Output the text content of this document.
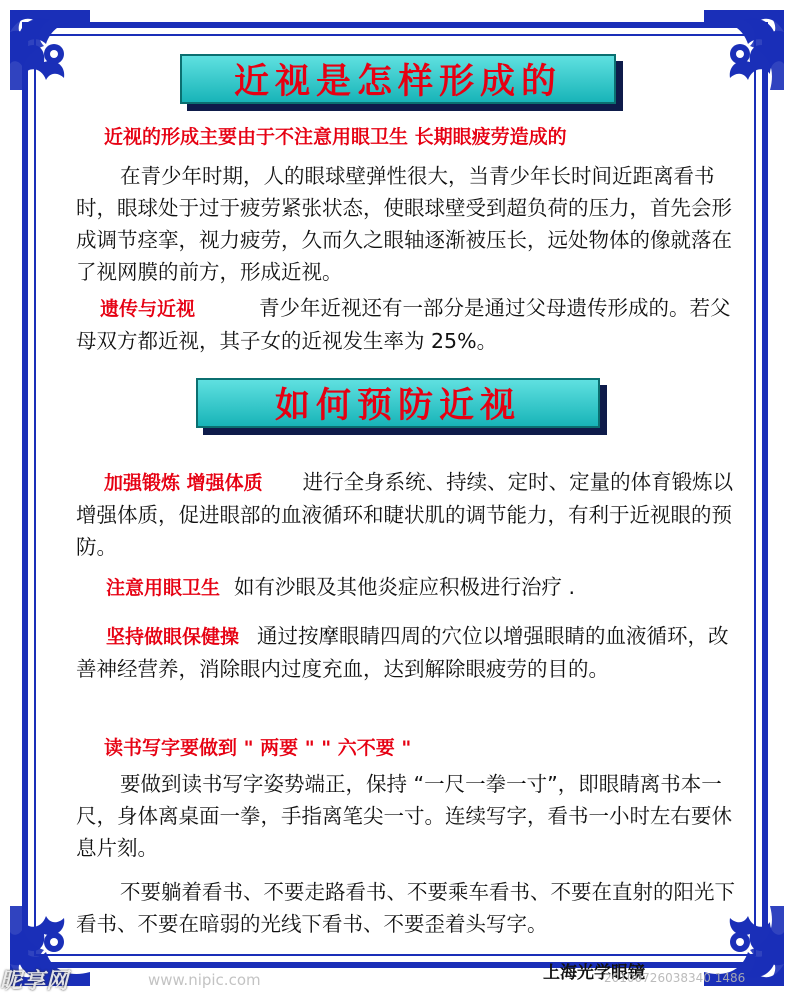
近视是怎样形成的
近视的形成主要由于不注意用眼卫生 长期眼疲劳造成的
在青少年时期，人的眼球壁弹性很大，当青少年长时间近距离看书时，眼球处于过于疲劳紧张状态，使眼球壁受到超负荷的压力，首先会形成调节痉挛，视力疲劳，久而久之眼轴逐渐被压长，远处物体的像就落在了视网膜的前方，形成近视。
遗传与近视	青少年近视还有一部分是通过父母遗传形成的。若父母双方都近视，其子女的近视发生率为 25%。
如何预防近视
加强锻炼 增强体质 进行全身系统、持续、定时、定量的体育锻炼以增强体质，促进眼部的血液循环和睫状肌的调节能力，有利于近视眼的预防。
注意用眼卫生 如有沙眼及其他炎症应积极进行治疗 .
坚持做眼保健操 通过按摩眼睛四周的穴位以增强眼睛的血液循环，改善神经营养，消除眼内过度充血，达到解除眼疲劳的目的。
读书写字要做到 " 两要 " " 六不要 "
要做到读书写字姿势端正，保持 “一尺一拳一寸”，即眼睛离书本一尺，身体离桌面一拳，手指离笔尖一寸。连续写字，看书一小时左右要休息片刻。
不要躺着看书、不要走路看书、不要乘车看书、不要在直射的阳光下看书、不要在暗弱的光线下看书、不要歪着头写字。
上海光学眼镜
昵享网	www.nipic.com	20100726038340 1486
